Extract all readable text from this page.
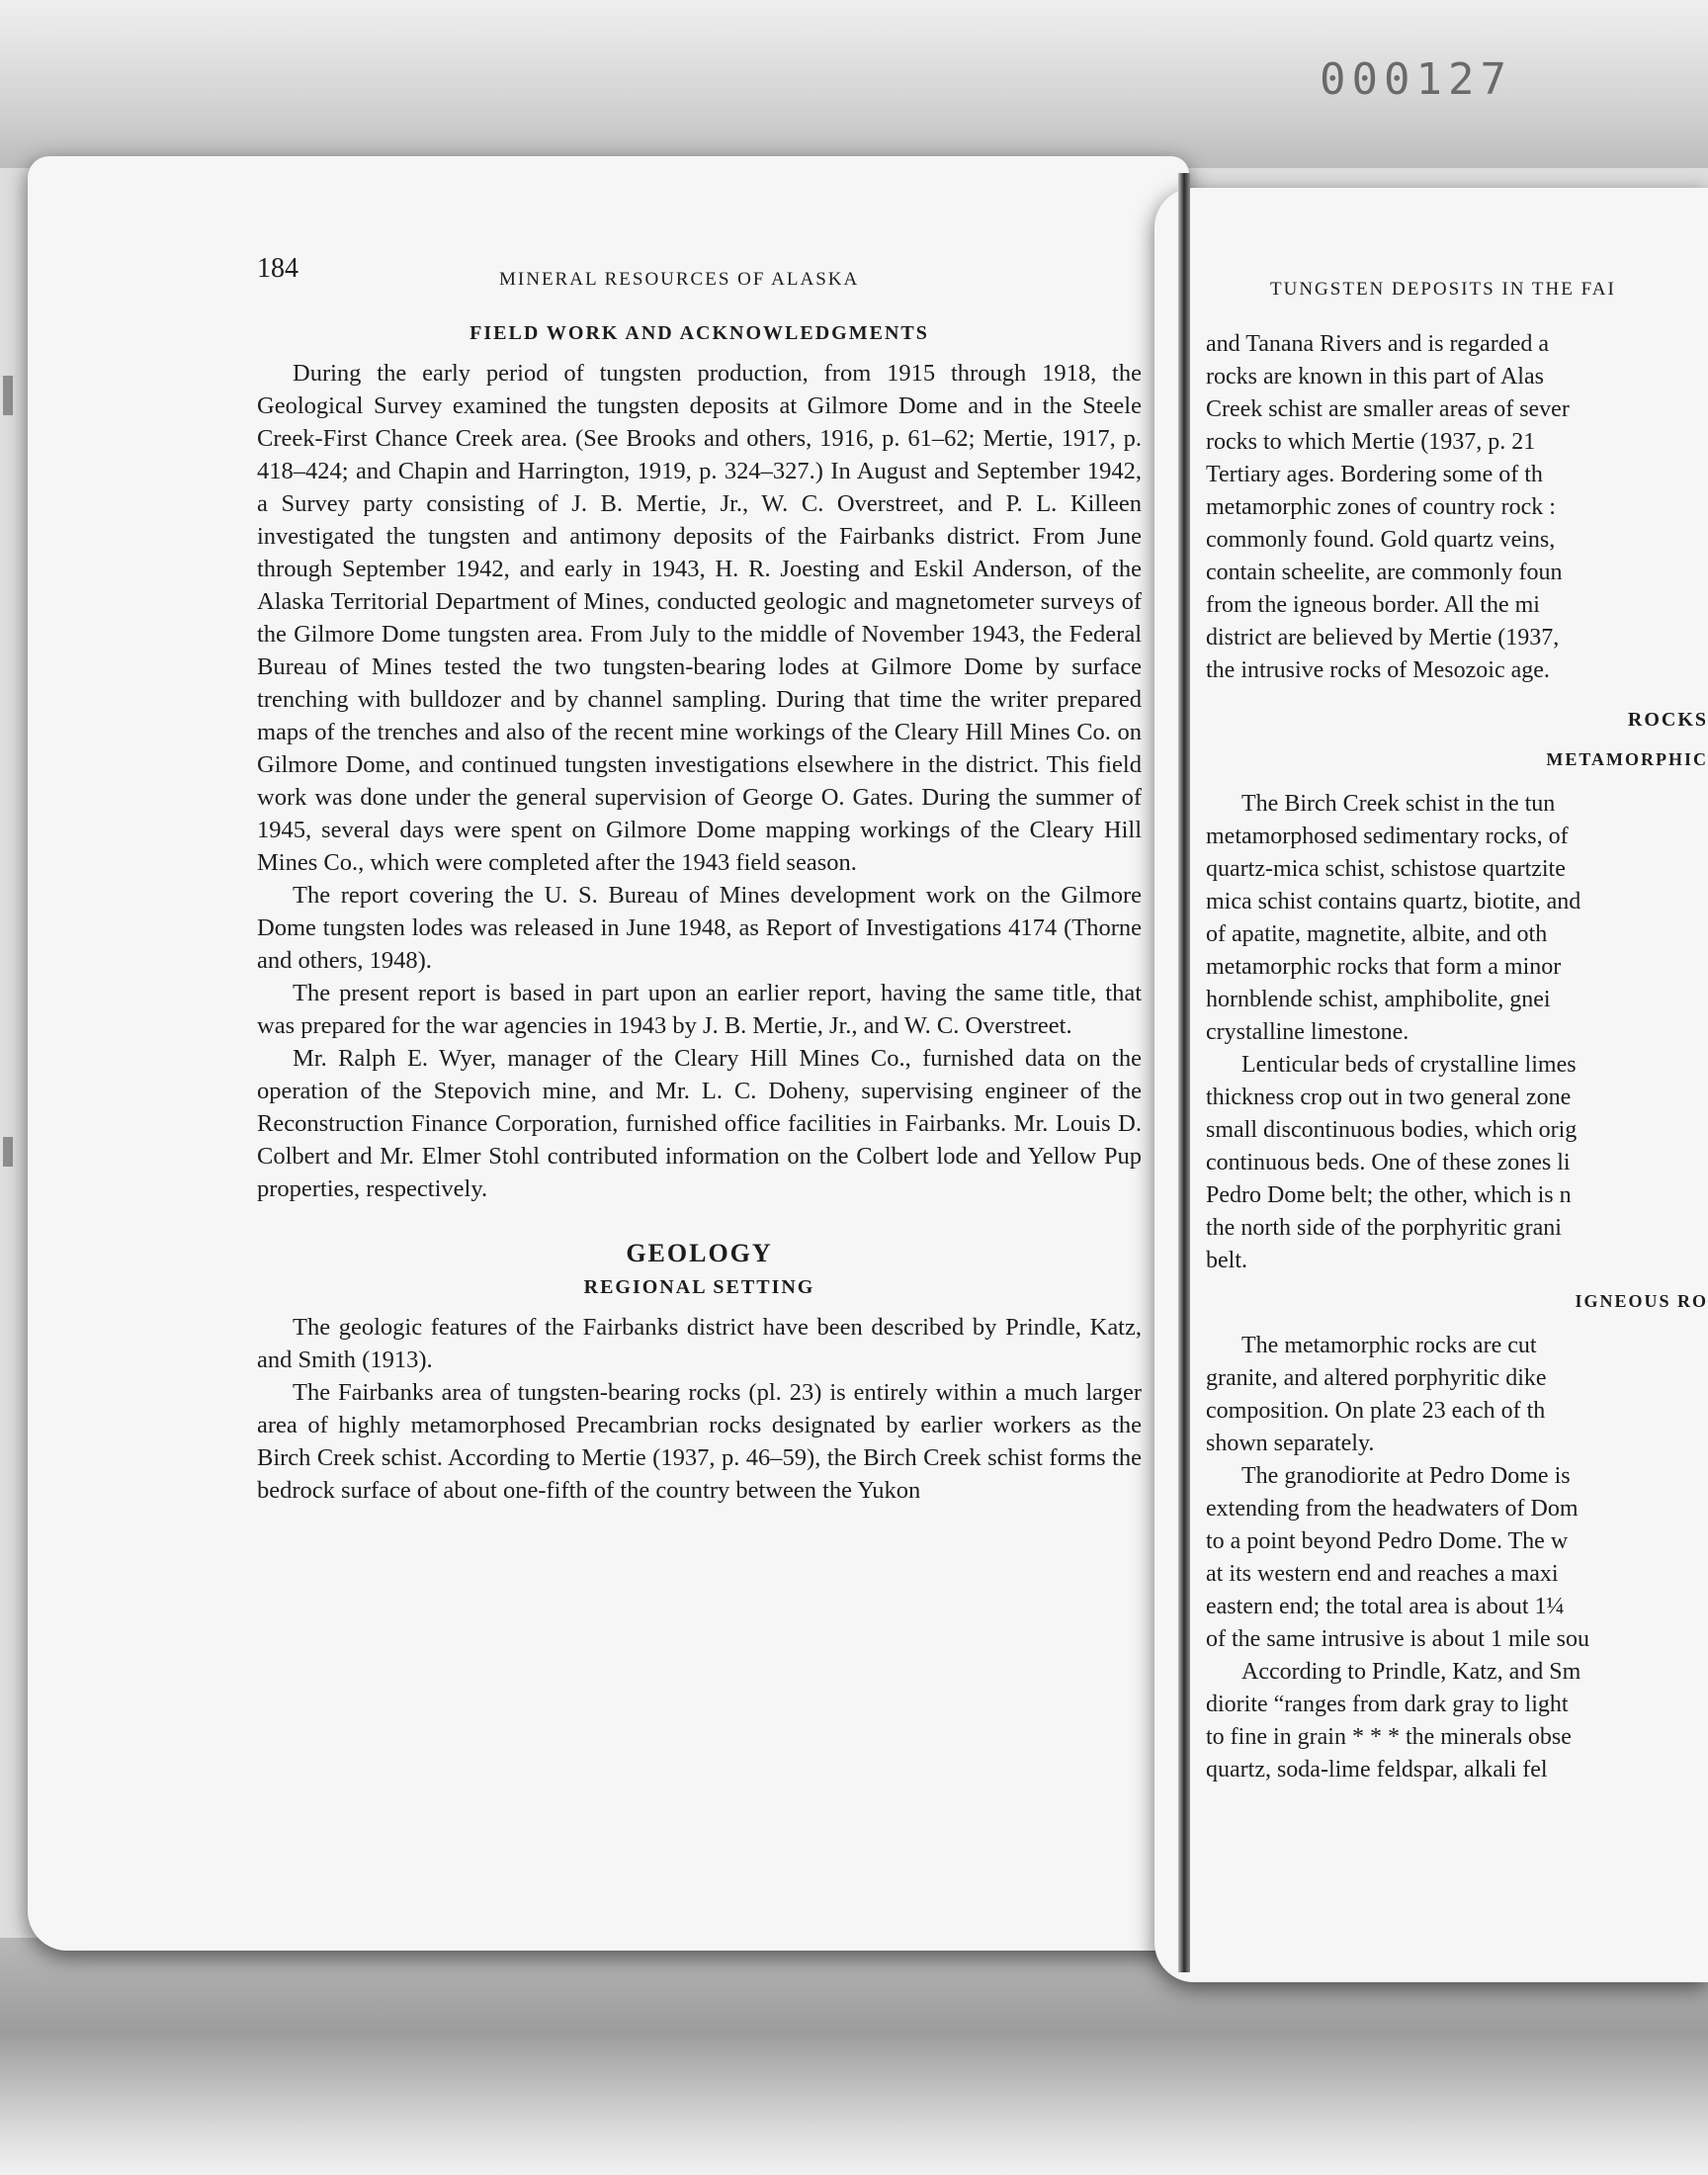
000127
184	MINERAL RESOURCES OF ALASKA
FIELD WORK AND ACKNOWLEDGMENTS

During the early period of tungsten production, from 1915 through 1918, the Geological Survey examined the tungsten deposits at Gilmore Dome and in the Steele Creek-First Chance Creek area. (See Brooks and others, 1916, p. 61–62; Mertie, 1917, p. 418–424; and Chapin and Harrington, 1919, p. 324–327.) In August and September 1942, a Survey party consisting of J. B. Mertie, Jr., W. C. Overstreet, and P. L. Killeen investigated the tungsten and antimony deposits of the Fairbanks district. From June through September 1942, and early in 1943, H. R. Joesting and Eskil Anderson, of the Alaska Territorial Department of Mines, conducted geologic and magnetometer surveys of the Gilmore Dome tungsten area. From July to the middle of November 1943, the Federal Bureau of Mines tested the two tungsten-bearing lodes at Gilmore Dome by surface trenching with bulldozer and by channel sampling. During that time the writer prepared maps of the trenches and also of the recent mine workings of the Cleary Hill Mines Co. on Gilmore Dome, and continued tungsten investigations elsewhere in the district. This field work was done under the general supervision of George O. Gates. During the summer of 1945, several days were spent on Gilmore Dome mapping workings of the Cleary Hill Mines Co., which were completed after the 1943 field season.

The report covering the U. S. Bureau of Mines development work on the Gilmore Dome tungsten lodes was released in June 1948, as Report of Investigations 4174 (Thorne and others, 1948).

The present report is based in part upon an earlier report, having the same title, that was prepared for the war agencies in 1943 by J. B. Mertie, Jr., and W. C. Overstreet.

Mr. Ralph E. Wyer, manager of the Cleary Hill Mines Co., furnished data on the operation of the Stepovich mine, and Mr. L. C. Doheny, supervising engineer of the Reconstruction Finance Corporation, furnished office facilities in Fairbanks. Mr. Louis D. Colbert and Mr. Elmer Stohl contributed information on the Colbert lode and Yellow Pup properties, respectively.

GEOLOGY
REGIONAL SETTING

The geologic features of the Fairbanks district have been described by Prindle, Katz, and Smith (1913).

The Fairbanks area of tungsten-bearing rocks (pl. 23) is entirely within a much larger area of highly metamorphosed Precambrian rocks designated by earlier workers as the Birch Creek schist. According to Mertie (1937, p. 46–59), the Birch Creek schist forms the bedrock surface of about one-fifth of the country between the Yukon

TUNGSTEN DEPOSITS IN THE FAI

and Tanana Rivers and is regarded a

rocks are known in this part of Alas

Creek schist are smaller areas of sever

rocks to which Mertie (1937, p. 21

Tertiary ages. Bordering some of th

metamorphic zones of country rock :

commonly found. Gold quartz veins,

contain scheelite, are commonly foun

from the igneous border. All the mi

district are believed by Mertie (1937,

the intrusive rocks of Mesozoic age.

ROCKS
METAMORPHIC

The Birch Creek schist in the tun

metamorphosed sedimentary rocks, of

quartz-mica schist, schistose quartzite

mica schist contains quartz, biotite, and

of apatite, magnetite, albite, and oth

metamorphic rocks that form a minor

hornblende schist, amphibolite, gnei

crystalline limestone.

Lenticular beds of crystalline limes

thickness crop out in two general zone

small discontinuous bodies, which orig

continuous beds. One of these zones li

Pedro Dome belt; the other, which is n

the north side of the porphyritic grani

belt.

IGNEOUS RO

The metamorphic rocks are cut

granite, and altered porphyritic dike

composition. On plate 23 each of th

shown separately.

The granodiorite at Pedro Dome is

extending from the headwaters of Dom

to a point beyond Pedro Dome. The w

at its western end and reaches a maxi

eastern end; the total area is about 1¼

of the same intrusive is about 1 mile sou

According to Prindle, Katz, and Sm

diorite “ranges from dark gray to light

to fine in grain * * * the minerals obse

quartz, soda-lime feldspar, alkali fel
